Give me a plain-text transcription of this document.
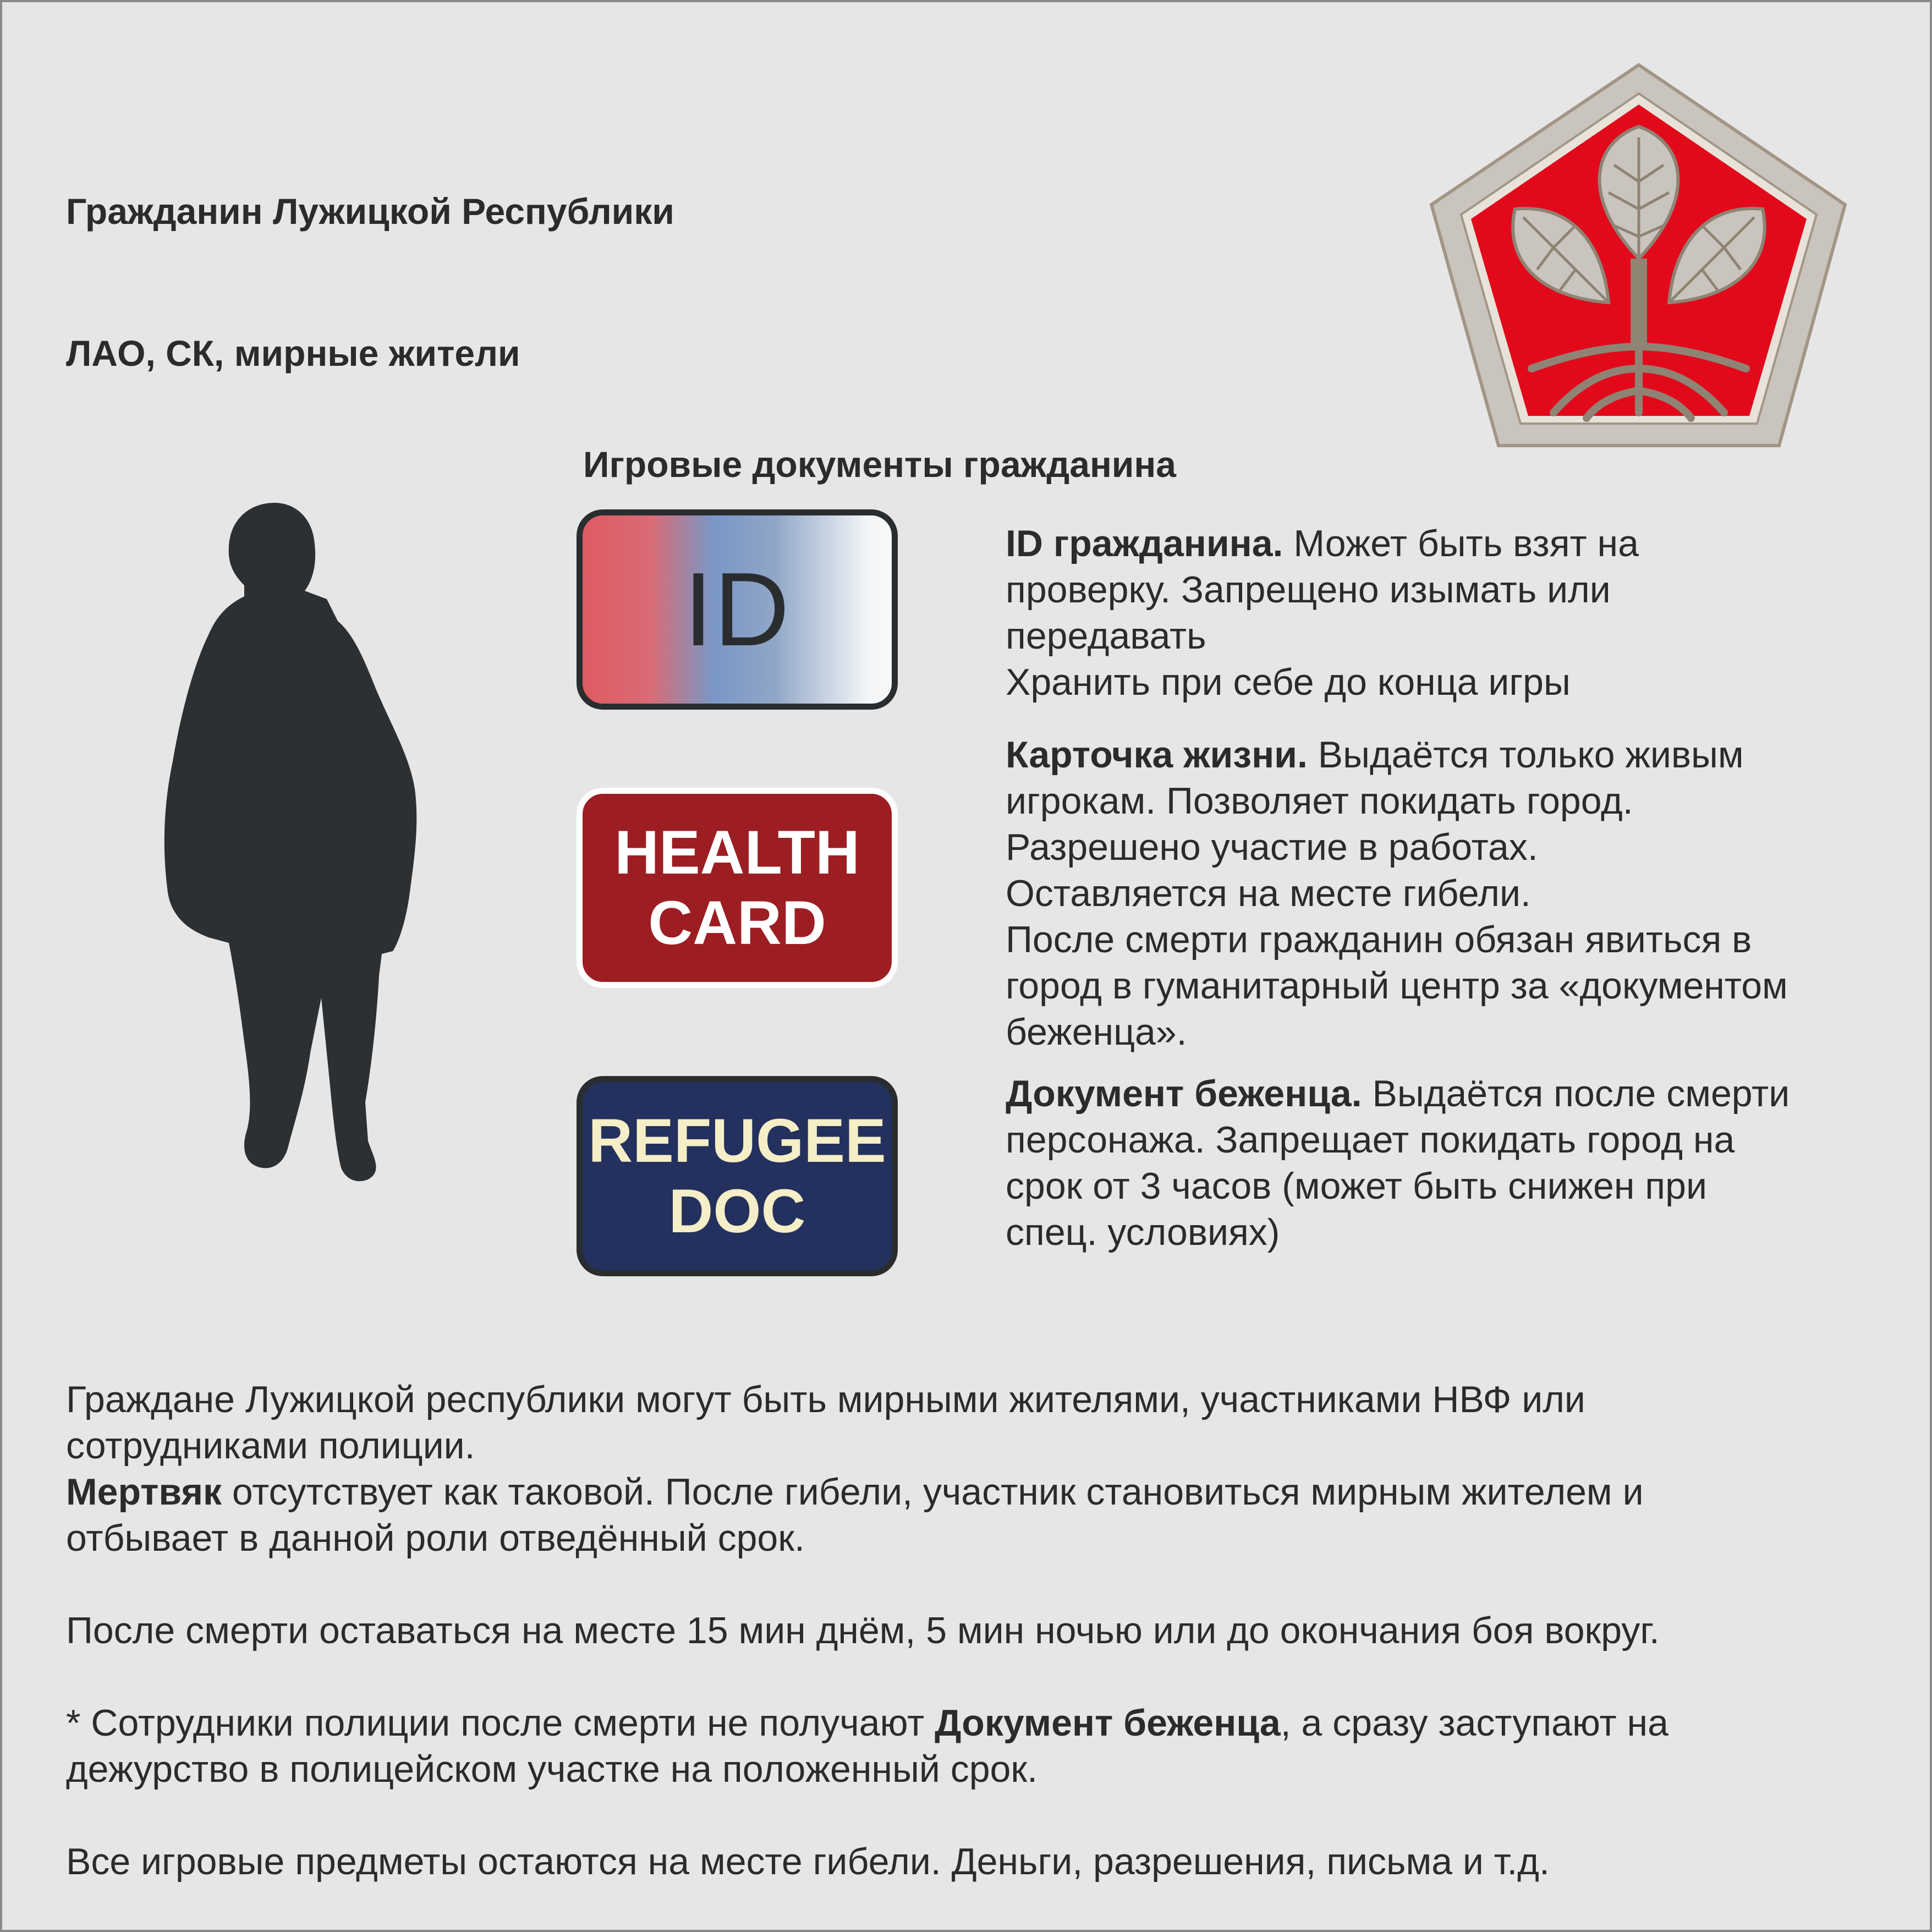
Гражданин Лужицкой Республики
ЛАО, СК, мирные жители
Игровые документы гражданина
ID
HEALTH
CARD
REFUGEE
DOC
ID гражданина. Может быть взят на
проверку. Запрещено изымать или
передавать
Хранить при себе до конца игры
Карточка жизни. Выдаётся только живым
игрокам. Позволяет покидать город.
Разрешено участие в работах.
Оставляется на месте гибели.
После смерти гражданин обязан явиться в
город в гуманитарный центр за «документом
беженца».
Документ беженца. Выдаётся после смерти
персонажа. Запрещает покидать город на
срок от 3 часов (может быть снижен при
спец. условиях)
Граждане Лужицкой республики могут быть мирными жителями, участниками НВФ или
сотрудниками полиции.
Мертвяк отсутствует как таковой. После гибели, участник становиться мирным жителем и
отбывает в данной роли отведённый срок.
После смерти оставаться на месте 15 мин днём, 5 мин ночью или до окончания боя вокруг.
* Сотрудники полиции после смерти не получают Документ беженца, а сразу заступают на
дежурство в полицейском участке на положенный срок.
Все игровые предметы остаются на месте гибели. Деньги, разрешения, письма и т.д.
